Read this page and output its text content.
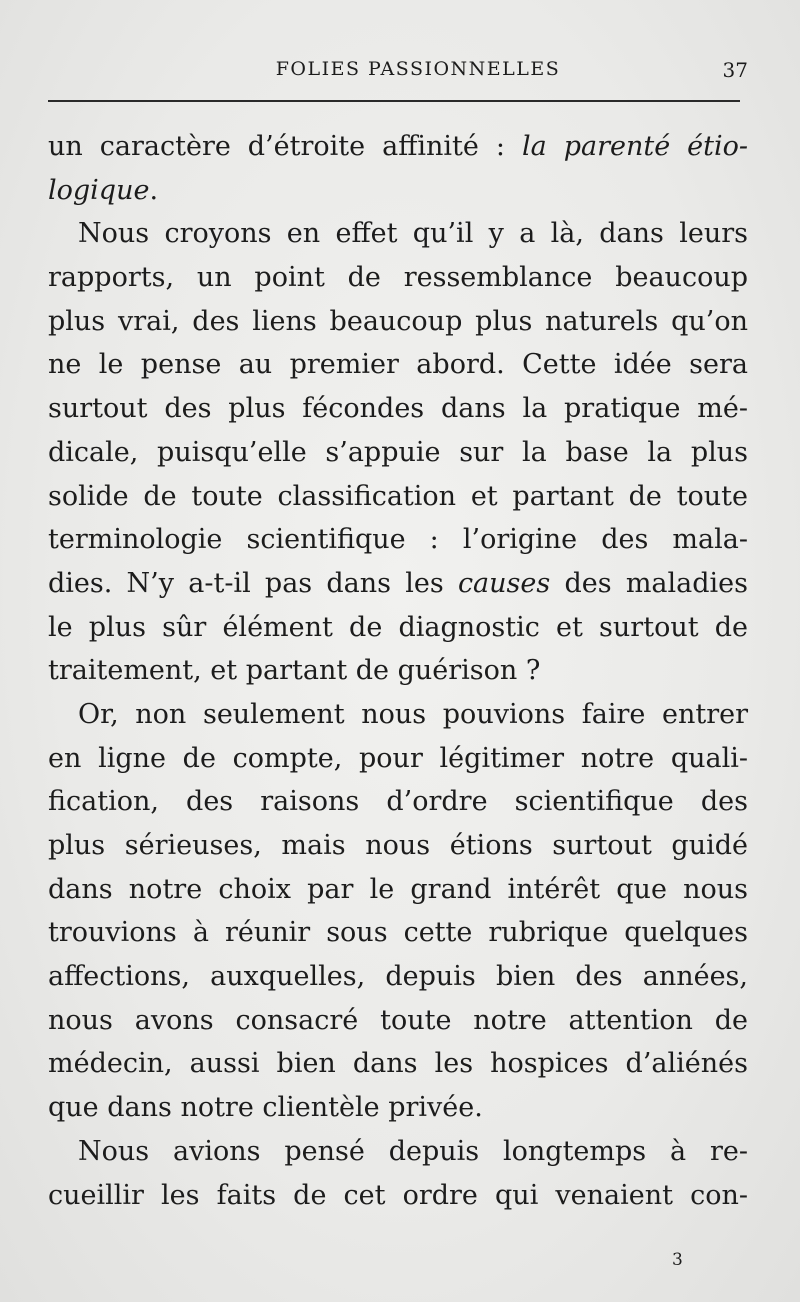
FOLIES PASSIONNELLES	37
un caractère d’étroite affinité : la parenté étio-
logique.
Nous croyons en effet qu’il y a là, dans leurs
rapports, un point de ressemblance beaucoup
plus vrai, des liens beaucoup plus naturels qu’on
ne le pense au premier abord. Cette idée sera
surtout des plus fécondes dans la pratique mé-
dicale, puisqu’elle s’appuie sur la base la plus
solide de toute classification et partant de toute
terminologie scientifique : l’origine des mala-
dies. N’y a-t-il pas dans les causes des maladies
le plus sûr élément de diagnostic et surtout de
traitement, et partant de guérison ?
Or, non seulement nous pouvions faire entrer
en ligne de compte, pour légitimer notre quali-
fication, des raisons d’ordre scientifique des
plus sérieuses, mais nous étions surtout guidé
dans notre choix par le grand intérêt que nous
trouvions à réunir sous cette rubrique quelques
affections, auxquelles, depuis bien des années,
nous avons consacré toute notre attention de
médecin, aussi bien dans les hospices d’aliénés
que dans notre clientèle privée.
Nous avions pensé depuis longtemps à re-
cueillir les faits de cet ordre qui venaient con-
3
